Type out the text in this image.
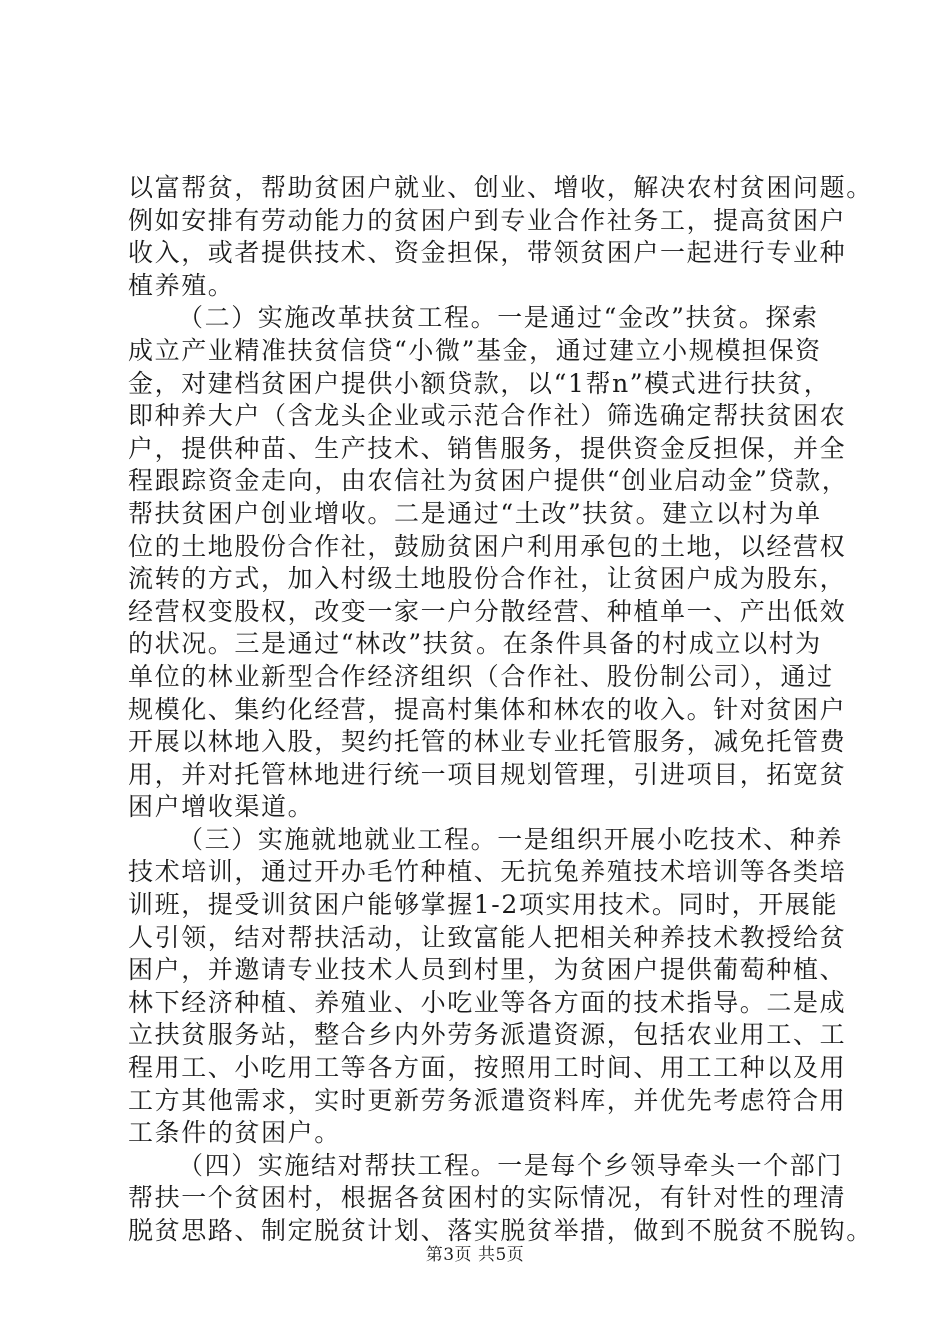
以富帮贫，帮助贫困户就业、创业、增收，解决农村贫困问题。
例如安排有劳动能力的贫困户到专业合作社务工，提高贫困户
收入，或者提供技术、资金担保，带领贫困户一起进行专业种
植养殖。
（二）实施改革扶贫工程。一是通过“金改”扶贫。探索
成立产业精准扶贫信贷“小微”基金，通过建立小规模担保资
金，对建档贫困户提供小额贷款，以“1帮n”模式进行扶贫，
即种养大户（含龙头企业或示范合作社）筛选确定帮扶贫困农
户，提供种苗、生产技术、销售服务，提供资金反担保，并全
程跟踪资金走向，由农信社为贫困户提供“创业启动金”贷款，
帮扶贫困户创业增收。二是通过“土改”扶贫。建立以村为单
位的土地股份合作社，鼓励贫困户利用承包的土地，以经营权
流转的方式，加入村级土地股份合作社，让贫困户成为股东，
经营权变股权，改变一家一户分散经营、种植单一、产出低效
的状况。三是通过“林改”扶贫。在条件具备的村成立以村为
单位的林业新型合作经济组织（合作社、股份制公司），通过
规模化、集约化经营，提高村集体和林农的收入。针对贫困户
开展以林地入股，契约托管的林业专业托管服务，减免托管费
用，并对托管林地进行统一项目规划管理，引进项目，拓宽贫
困户增收渠道。
（三）实施就地就业工程。一是组织开展小吃技术、种养
技术培训，通过开办毛竹种植、无抗兔养殖技术培训等各类培
训班，提受训贫困户能够掌握1-2项实用技术。同时，开展能
人引领，结对帮扶活动，让致富能人把相关种养技术教授给贫
困户，并邀请专业技术人员到村里，为贫困户提供葡萄种植、
林下经济种植、养殖业、小吃业等各方面的技术指导。二是成
立扶贫服务站，整合乡内外劳务派遣资源，包括农业用工、工
程用工、小吃用工等各方面，按照用工时间、用工工种以及用
工方其他需求，实时更新劳务派遣资料库，并优先考虑符合用
工条件的贫困户。
（四）实施结对帮扶工程。一是每个乡领导牵头一个部门
帮扶一个贫困村，根据各贫困村的实际情况，有针对性的理清
脱贫思路、制定脱贫计划、落实脱贫举措，做到不脱贫不脱钩。
第3页 共5页
